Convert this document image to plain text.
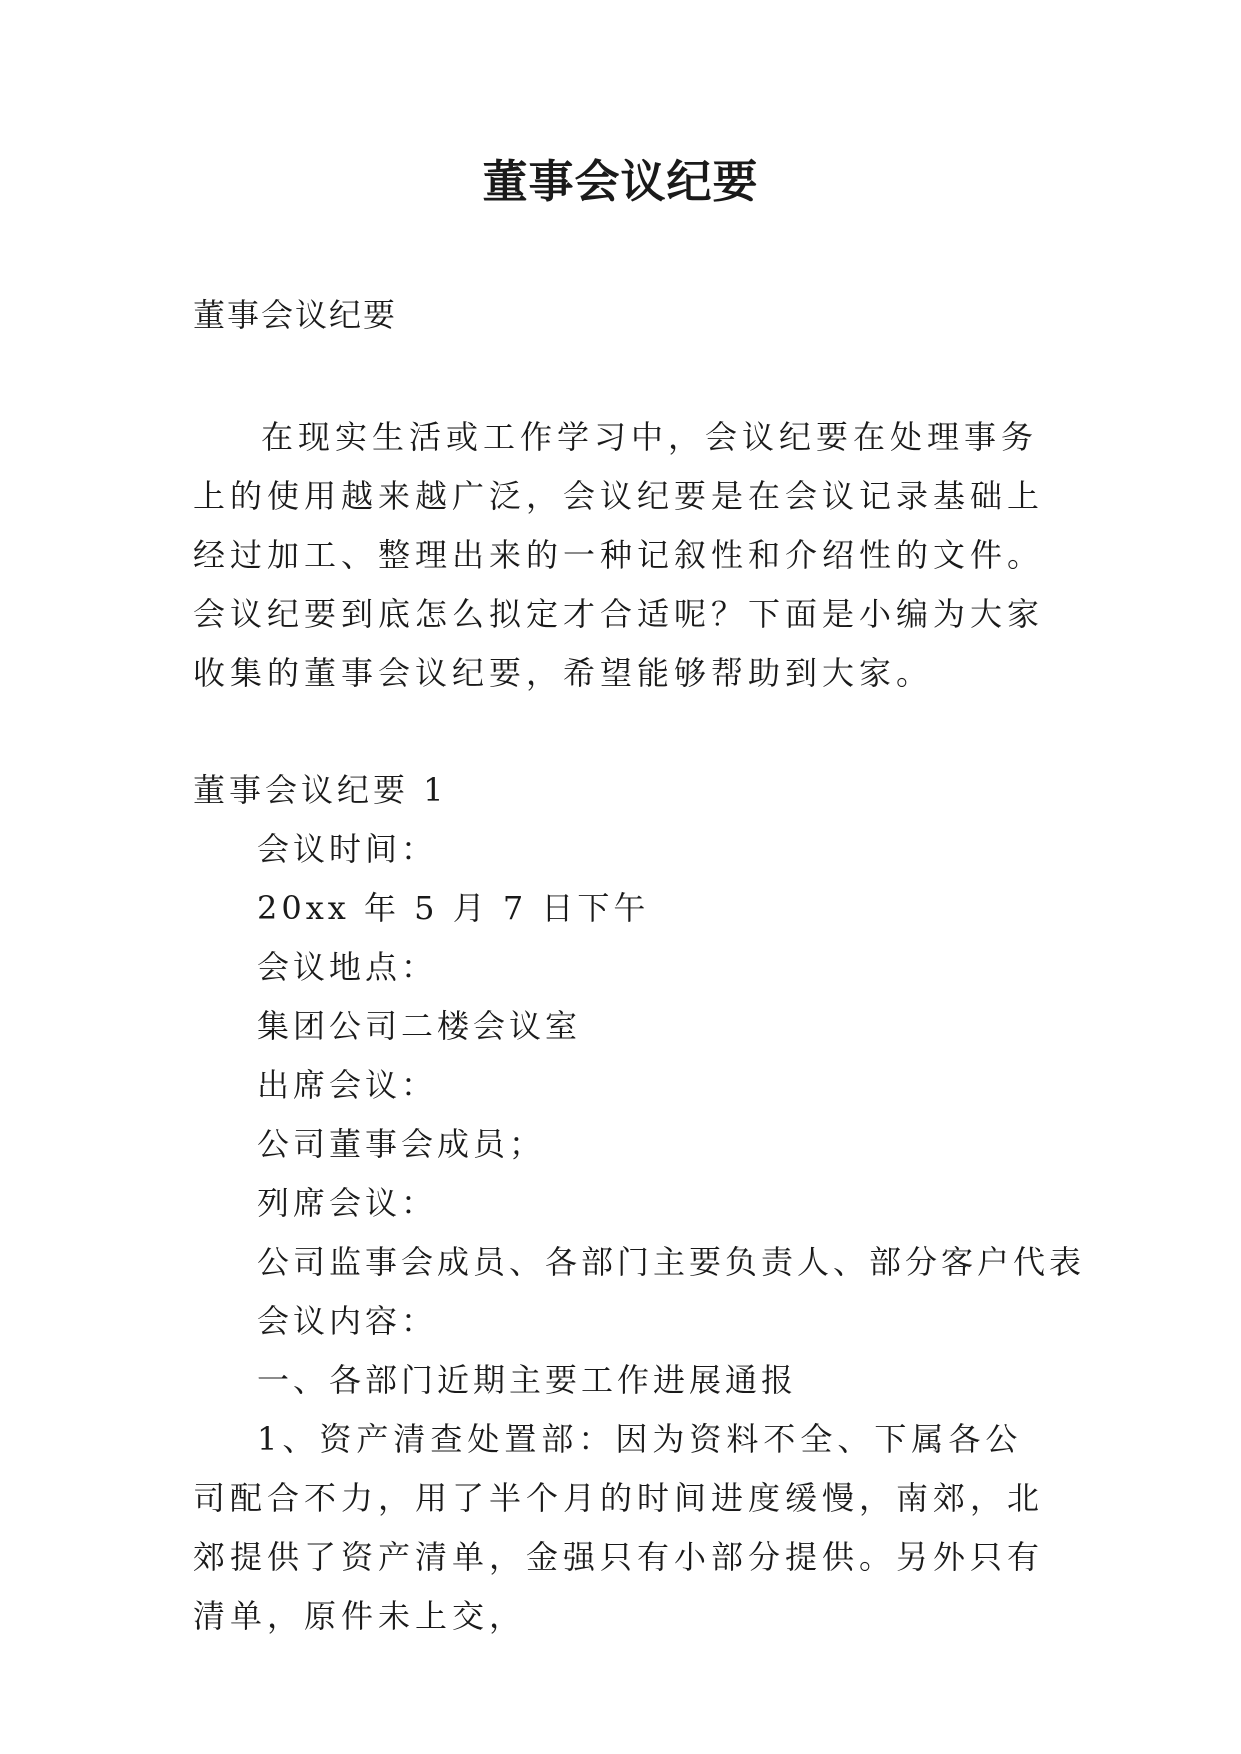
董事会议纪要
董事会议纪要

在现实生活或工作学习中，会议纪要在处理事务上的使用越来越广泛，会议纪要是在会议记录基础上经过加工、整理出来的一种记叙性和介绍性的文件。会议纪要到底怎么拟定才合适呢？下面是小编为大家收集的董事会议纪要，希望能够帮助到大家。

董事会议纪要 1

会议时间：

20xx 年 5 月 7 日下午

会议地点：

集团公司二楼会议室

出席会议：

公司董事会成员；

列席会议：

公司监事会成员、各部门主要负责人、部分客户代表

会议内容：

一、各部门近期主要工作进展通报

1、资产清查处置部：因为资料不全、下属各公司配合不力，用了半个月的时间进度缓慢，南郊，北郊提供了资产清单，金强只有小部分提供。另外只有清单，原件未上交，
